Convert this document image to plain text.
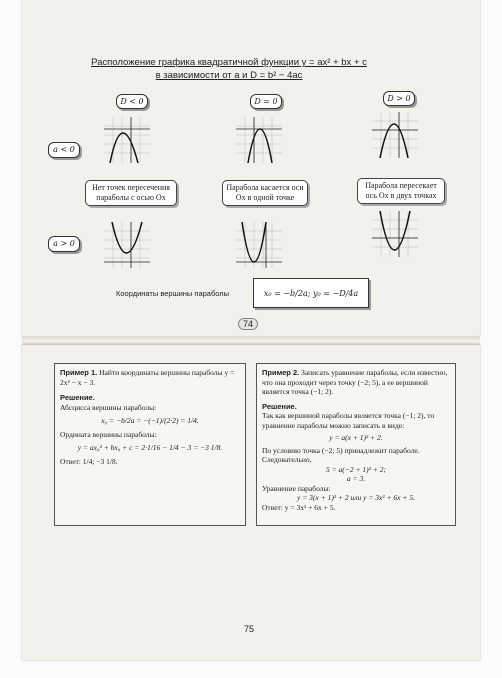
Расположение графика квадратичной функции y = ax² + bx + c
в зависимости от a и D = b² − 4ac
D < 0	D = 0	D > 0
a < 0
a > 0
Нет точек пересечения параболы с осью Ox
Парабола касается оси Ox в одной точке
Парабола пересекает ось Ox в двух точках
Координаты вершины параболы	x₀ = −b/2a; y₀ = −D/4a
74

Пример 1. Найти координаты вершины параболы y = 2x² − x − 3.

Решение.

Абсцисса вершины параболы:

x₀ = −b/2a = −(−1)/(2·2) = 1/4.

Ордината вершины параболы:

y = ax₀² + bx₀ + c = 2·1/16 − 1/4 − 3 = −3 1/8.

Ответ: 1/4; −3 1/8.

Пример 2. Записать уравнение параболы, если известно, что она проходит через точку (−2; 5), а ее вершиной является точка (−1; 2).

Решение.

Так как вершиной параболы является точка (−1; 2), то уравнение параболы можно записать в виде:

y = a(x + 1)² + 2.

По условию точка (−2; 5) принадлежит параболе. Следовательно,

5 = a(−2 + 1)² + 2;

a = 3.

Уравнение параболы:

y = 3(x + 1)² + 2 или y = 3x² + 6x + 5.

Ответ: y = 3x² + 6x + 5.

75
